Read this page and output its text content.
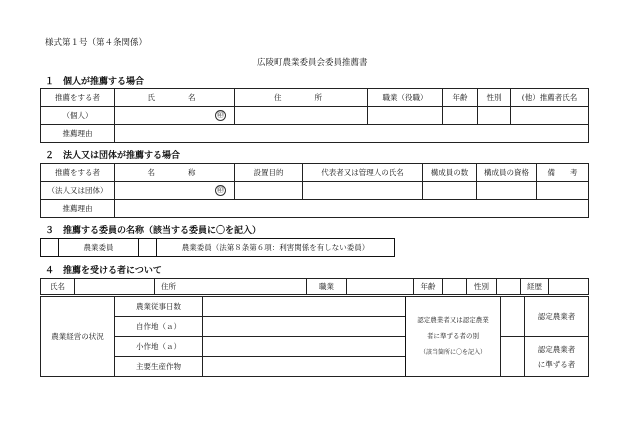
様式第１号（第４条関係）
広陵町農業委員会委員推薦書
１　個人が推薦する場合
推薦をする者	氏　　名	住　　所	職業（役職）	年齢	性別	(他）推薦者氏名
（個人）	㊞					
推薦理由						
２　法人又は団体が推薦する場合
推薦をする者	名　　称	設置目的	代表者又は管理人の氏名	構成員の数	構成員の資格	備　　考
（法人又は団体）	㊞					
推薦理由						
３　推薦する委員の名称（該当する委員に〇を記入）
	農業委員		農業委員（法第８条第６項：利害関係を有しない委員）
４　推薦を受ける者について
氏名		住所		職業		年齢		性別		経歴	
農業経営の状況	農業従事日数	
	自作地（ａ）	
	小作地（ａ）	
	主要生産作物	
認定農業者又は認定農業
者に準ずる者の別
（該当箇所に〇を記入）		認定農業者

		認定農業者
に準ずる者
